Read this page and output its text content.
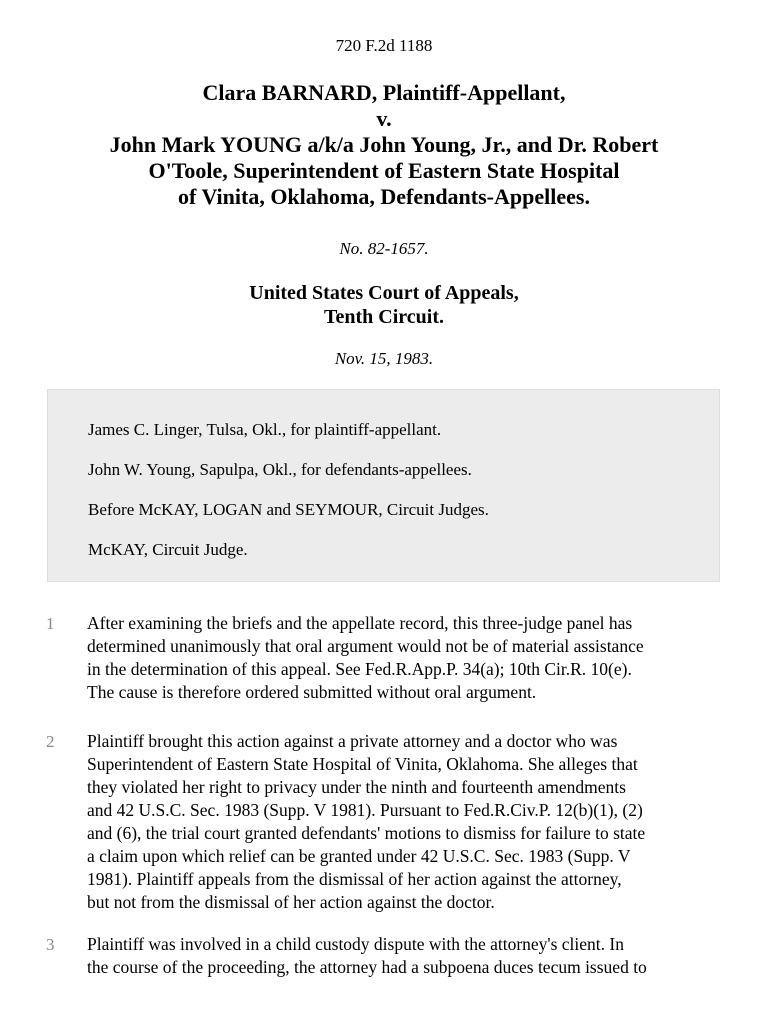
720 F.2d 1188
Clara BARNARD, Plaintiff-Appellant,
v.
John Mark YOUNG a/k/a John Young, Jr., and Dr. Robert
O'Toole, Superintendent of Eastern State Hospital
of Vinita, Oklahoma, Defendants-Appellees.
No. 82-1657.
United States Court of Appeals,
Tenth Circuit.
Nov. 15, 1983.

James C. Linger, Tulsa, Okl., for plaintiff-appellant.

John W. Young, Sapulpa, Okl., for defendants-appellees.

Before McKAY, LOGAN and SEYMOUR, Circuit Judges.

McKAY, Circuit Judge.

1 After examining the briefs and the appellate record, this three-judge panel has
determined unanimously that oral argument would not be of material assistance
in the determination of this appeal. See Fed.R.App.P. 34(a); 10th Cir.R. 10(e).
The cause is therefore ordered submitted without oral argument.
2 Plaintiff brought this action against a private attorney and a doctor who was
Superintendent of Eastern State Hospital of Vinita, Oklahoma. She alleges that
they violated her right to privacy under the ninth and fourteenth amendments
and 42 U.S.C. Sec. 1983 (Supp. V 1981). Pursuant to Fed.R.Civ.P. 12(b)(1), (2)
and (6), the trial court granted defendants' motions to dismiss for failure to state
a claim upon which relief can be granted under 42 U.S.C. Sec. 1983 (Supp. V
1981). Plaintiff appeals from the dismissal of her action against the attorney,
but not from the dismissal of her action against the doctor.
3 Plaintiff was involved in a child custody dispute with the attorney's client. In
the course of the proceeding, the attorney had a subpoena duces tecum issued to
